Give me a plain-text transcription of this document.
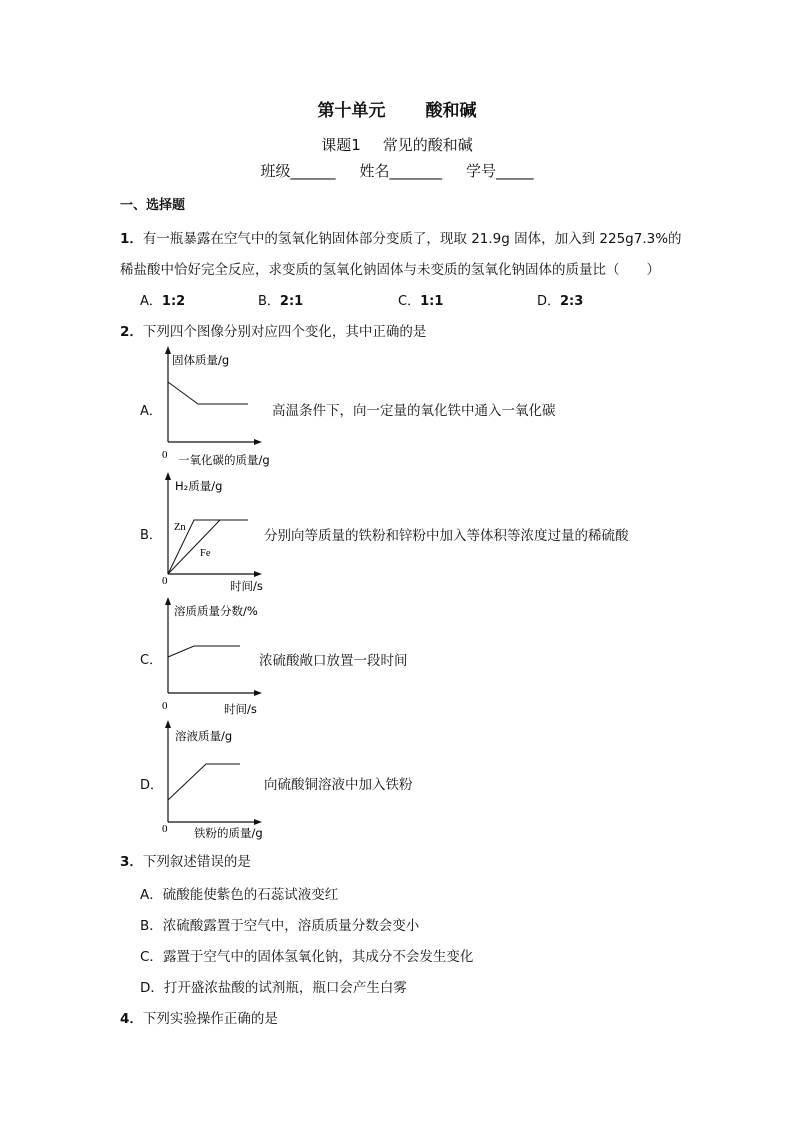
第十单元 酸和碱
课题1 常见的酸和碱
班级______ 姓名_______ 学号_____
一、选择题
1．有一瓶暴露在空气中的氢氧化钠固体部分变质了，现取 21.9g 固体，加入到 225g7.3%的
稀盐酸中恰好完全反应，求变质的氢氧化钠固体与未变质的氢氧化钠固体的质量比（　　）
A．1:2	B．2:1	C．1:1	D．2:3
2．下列四个图像分别对应四个变化，其中正确的是
A．
固体质量/g
0 一氧化碳的质量/g
高温条件下，向一定量的氧化铁中通入一氧化碳
B．
H₂质量/g
Zn
Fe
0	时间/s
分别向等质量的铁粉和锌粉中加入等体积等浓度过量的稀硫酸
C．
溶质质量分数/%
0	时间/s
浓硫酸敞口放置一段时间
D．
溶液质量/g
0 铁粉的质量/g
向硫酸铜溶液中加入铁粉
3．下列叙述错误的是
A．硫酸能使紫色的石蕊试液变红
B．浓硫酸露置于空气中，溶质质量分数会变小
C．露置于空气中的固体氢氧化钠，其成分不会发生变化
D．打开盛浓盐酸的试剂瓶，瓶口会产生白雾
4．下列实验操作正确的是
